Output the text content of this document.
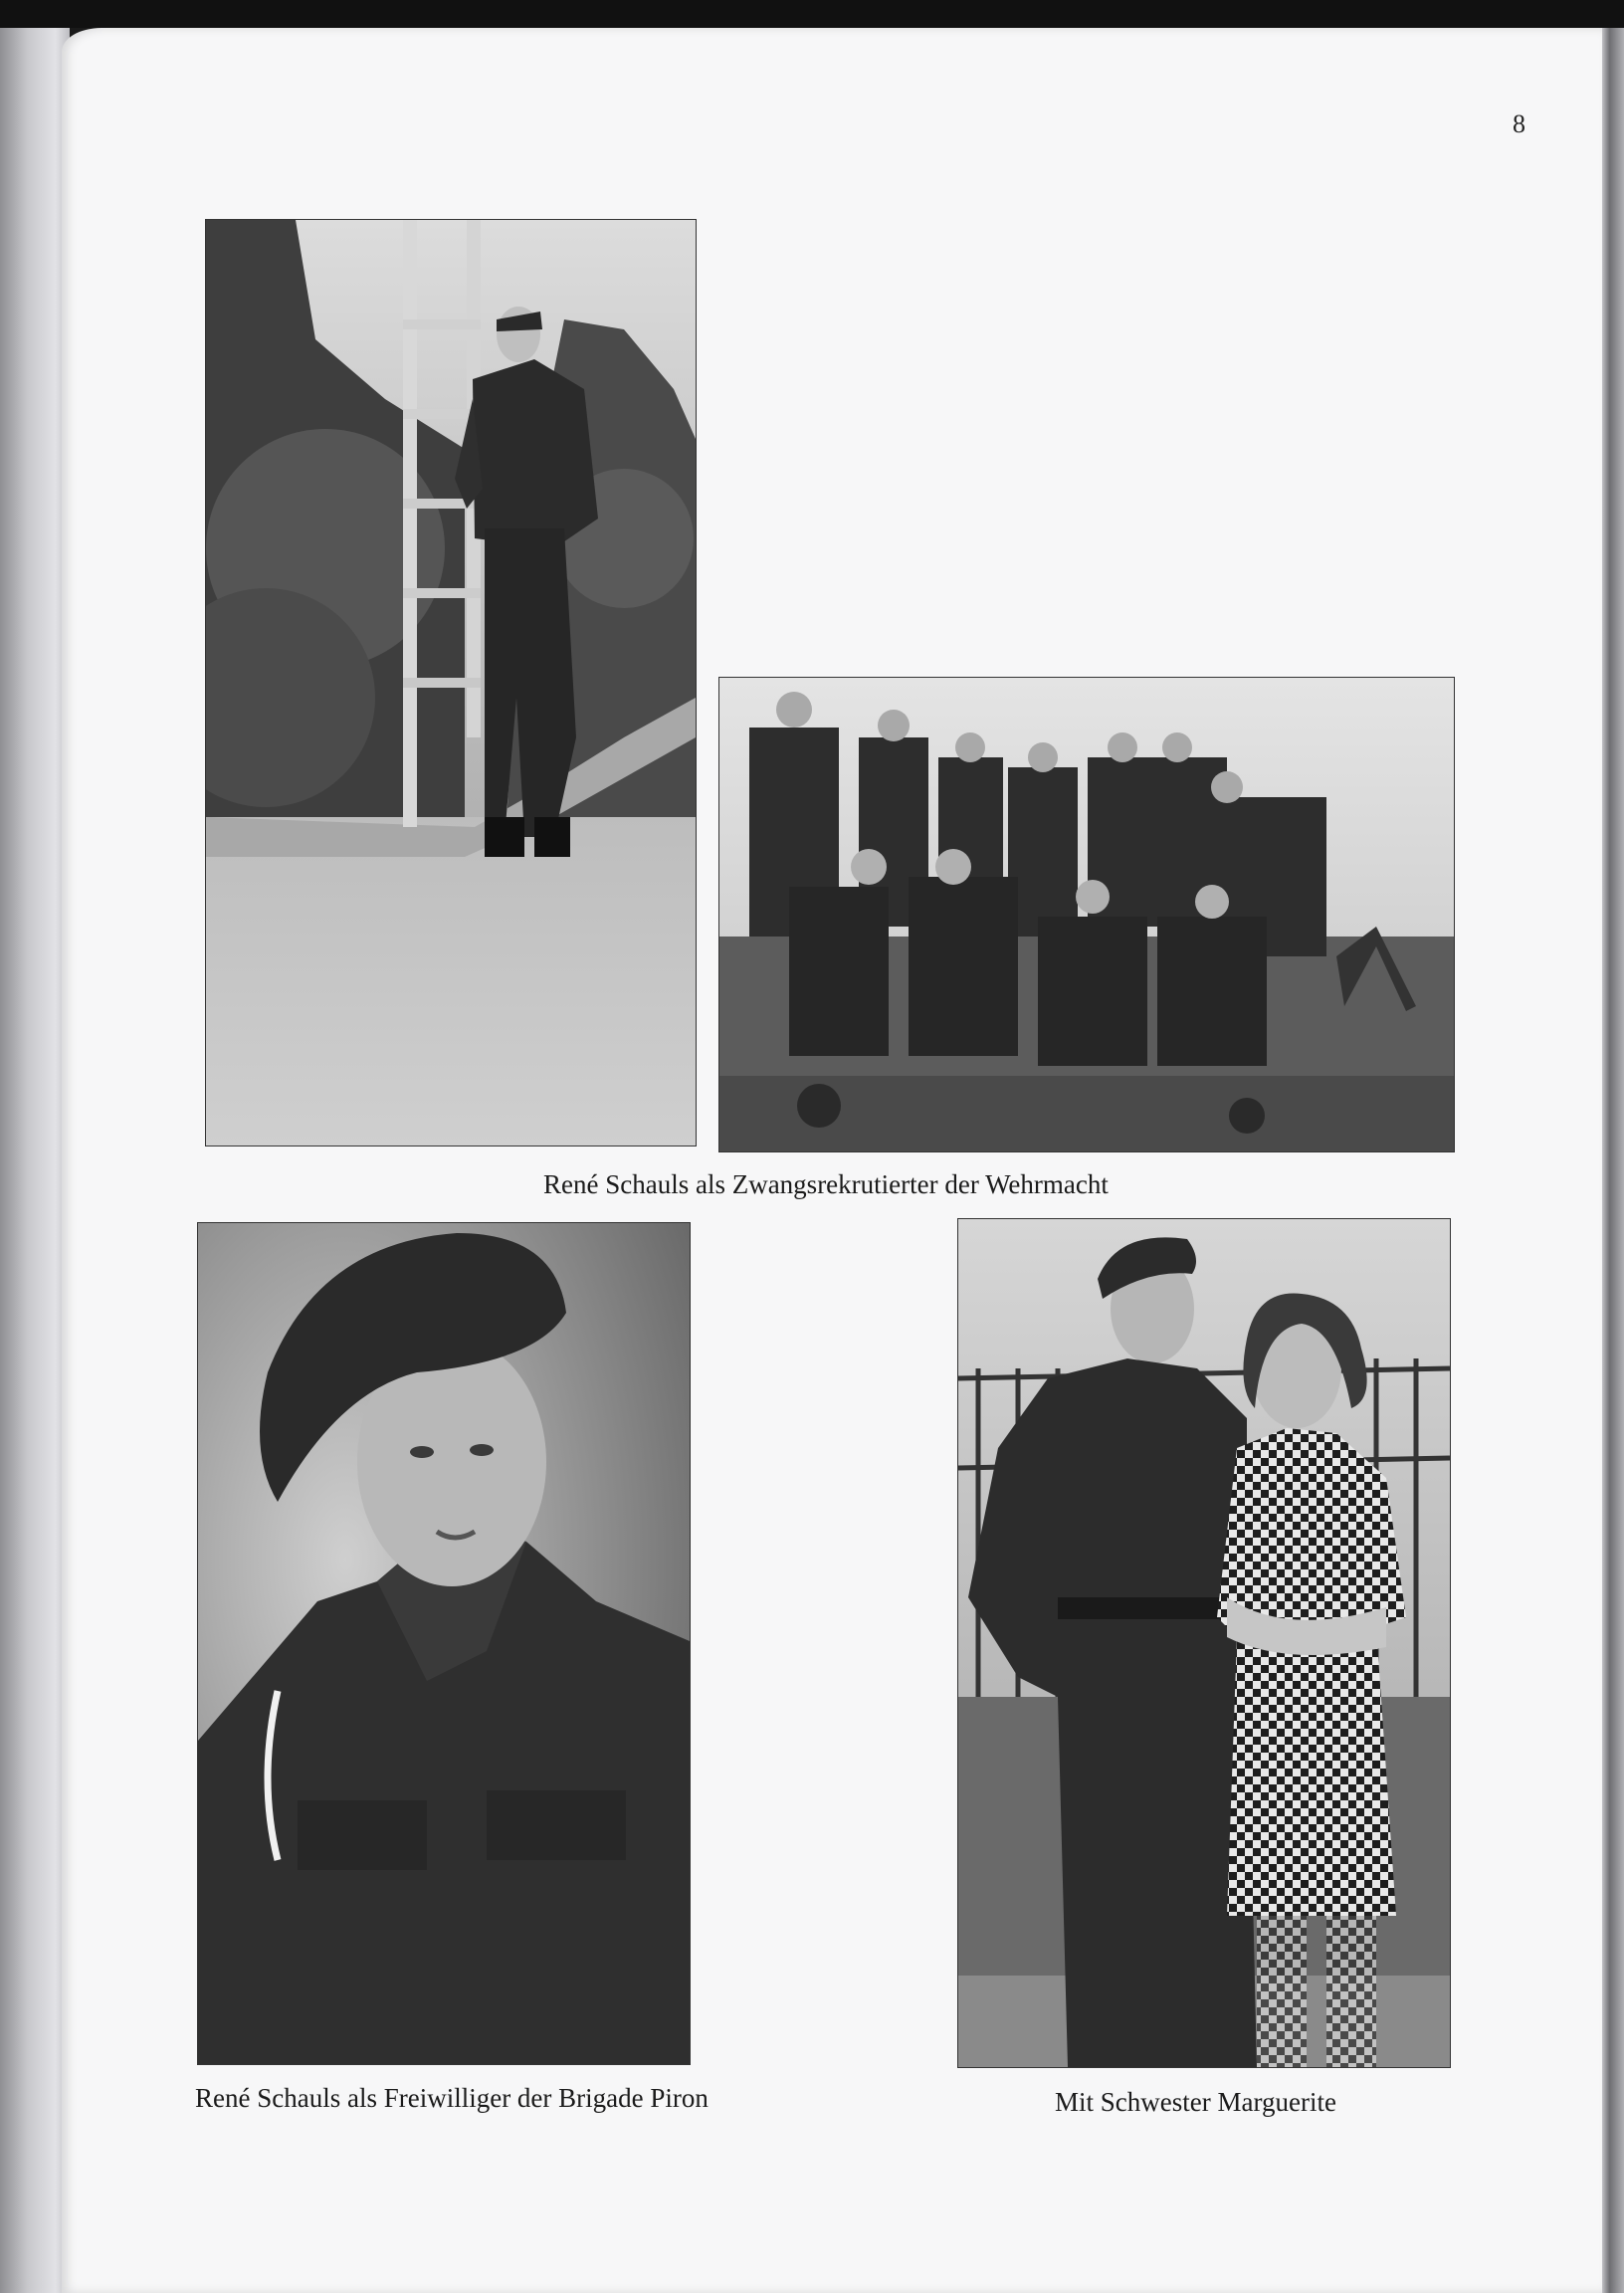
8
René Schauls als Zwangsrekrutierter der Wehrmacht
René Schauls als Freiwilliger der Brigade Piron	Mit Schwester Marguerite
